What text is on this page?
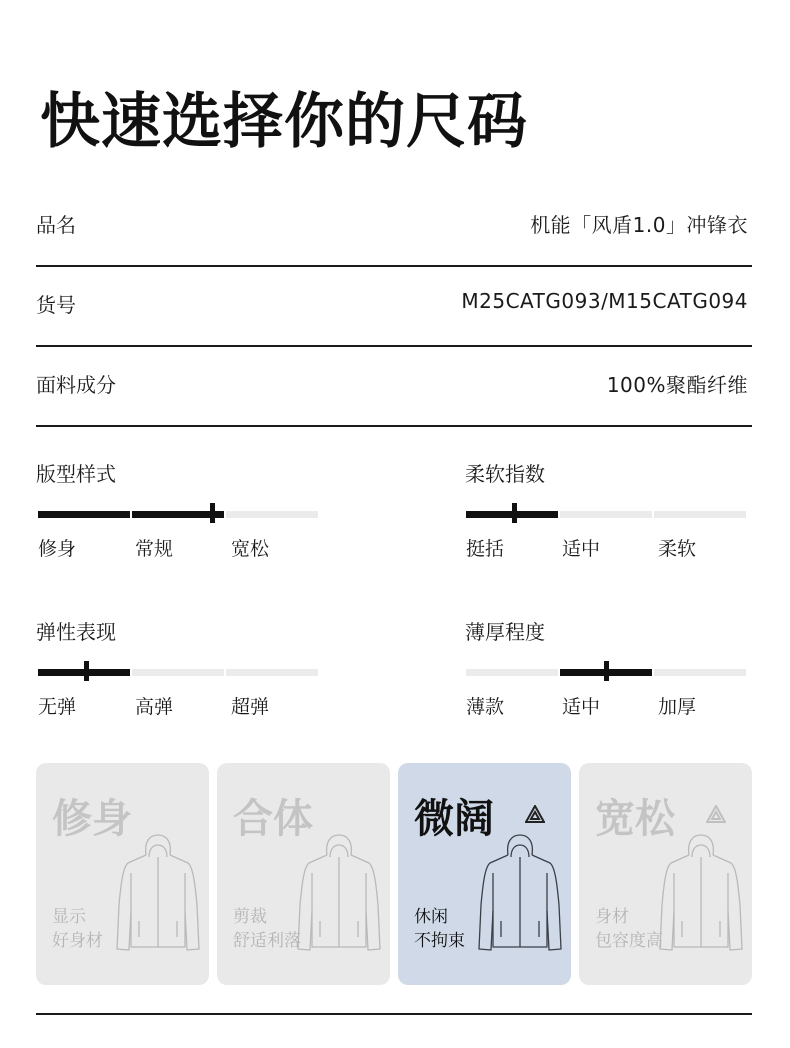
快速选择你的尺码
品名	机能「风盾1.0」冲锋衣
货号	M25CATG093/M15CATG094
面料成分	100%聚酯纤维
版型样式
修身	常规	宽松
柔软指数
挺括	适中	柔软
弹性表现
无弹	高弹	超弹
薄厚程度
薄款	适中	加厚
修身
显示
好身材
合体
剪裁
舒适利落
微阔
休闲
不拘束
宽松
身材
包容度高
